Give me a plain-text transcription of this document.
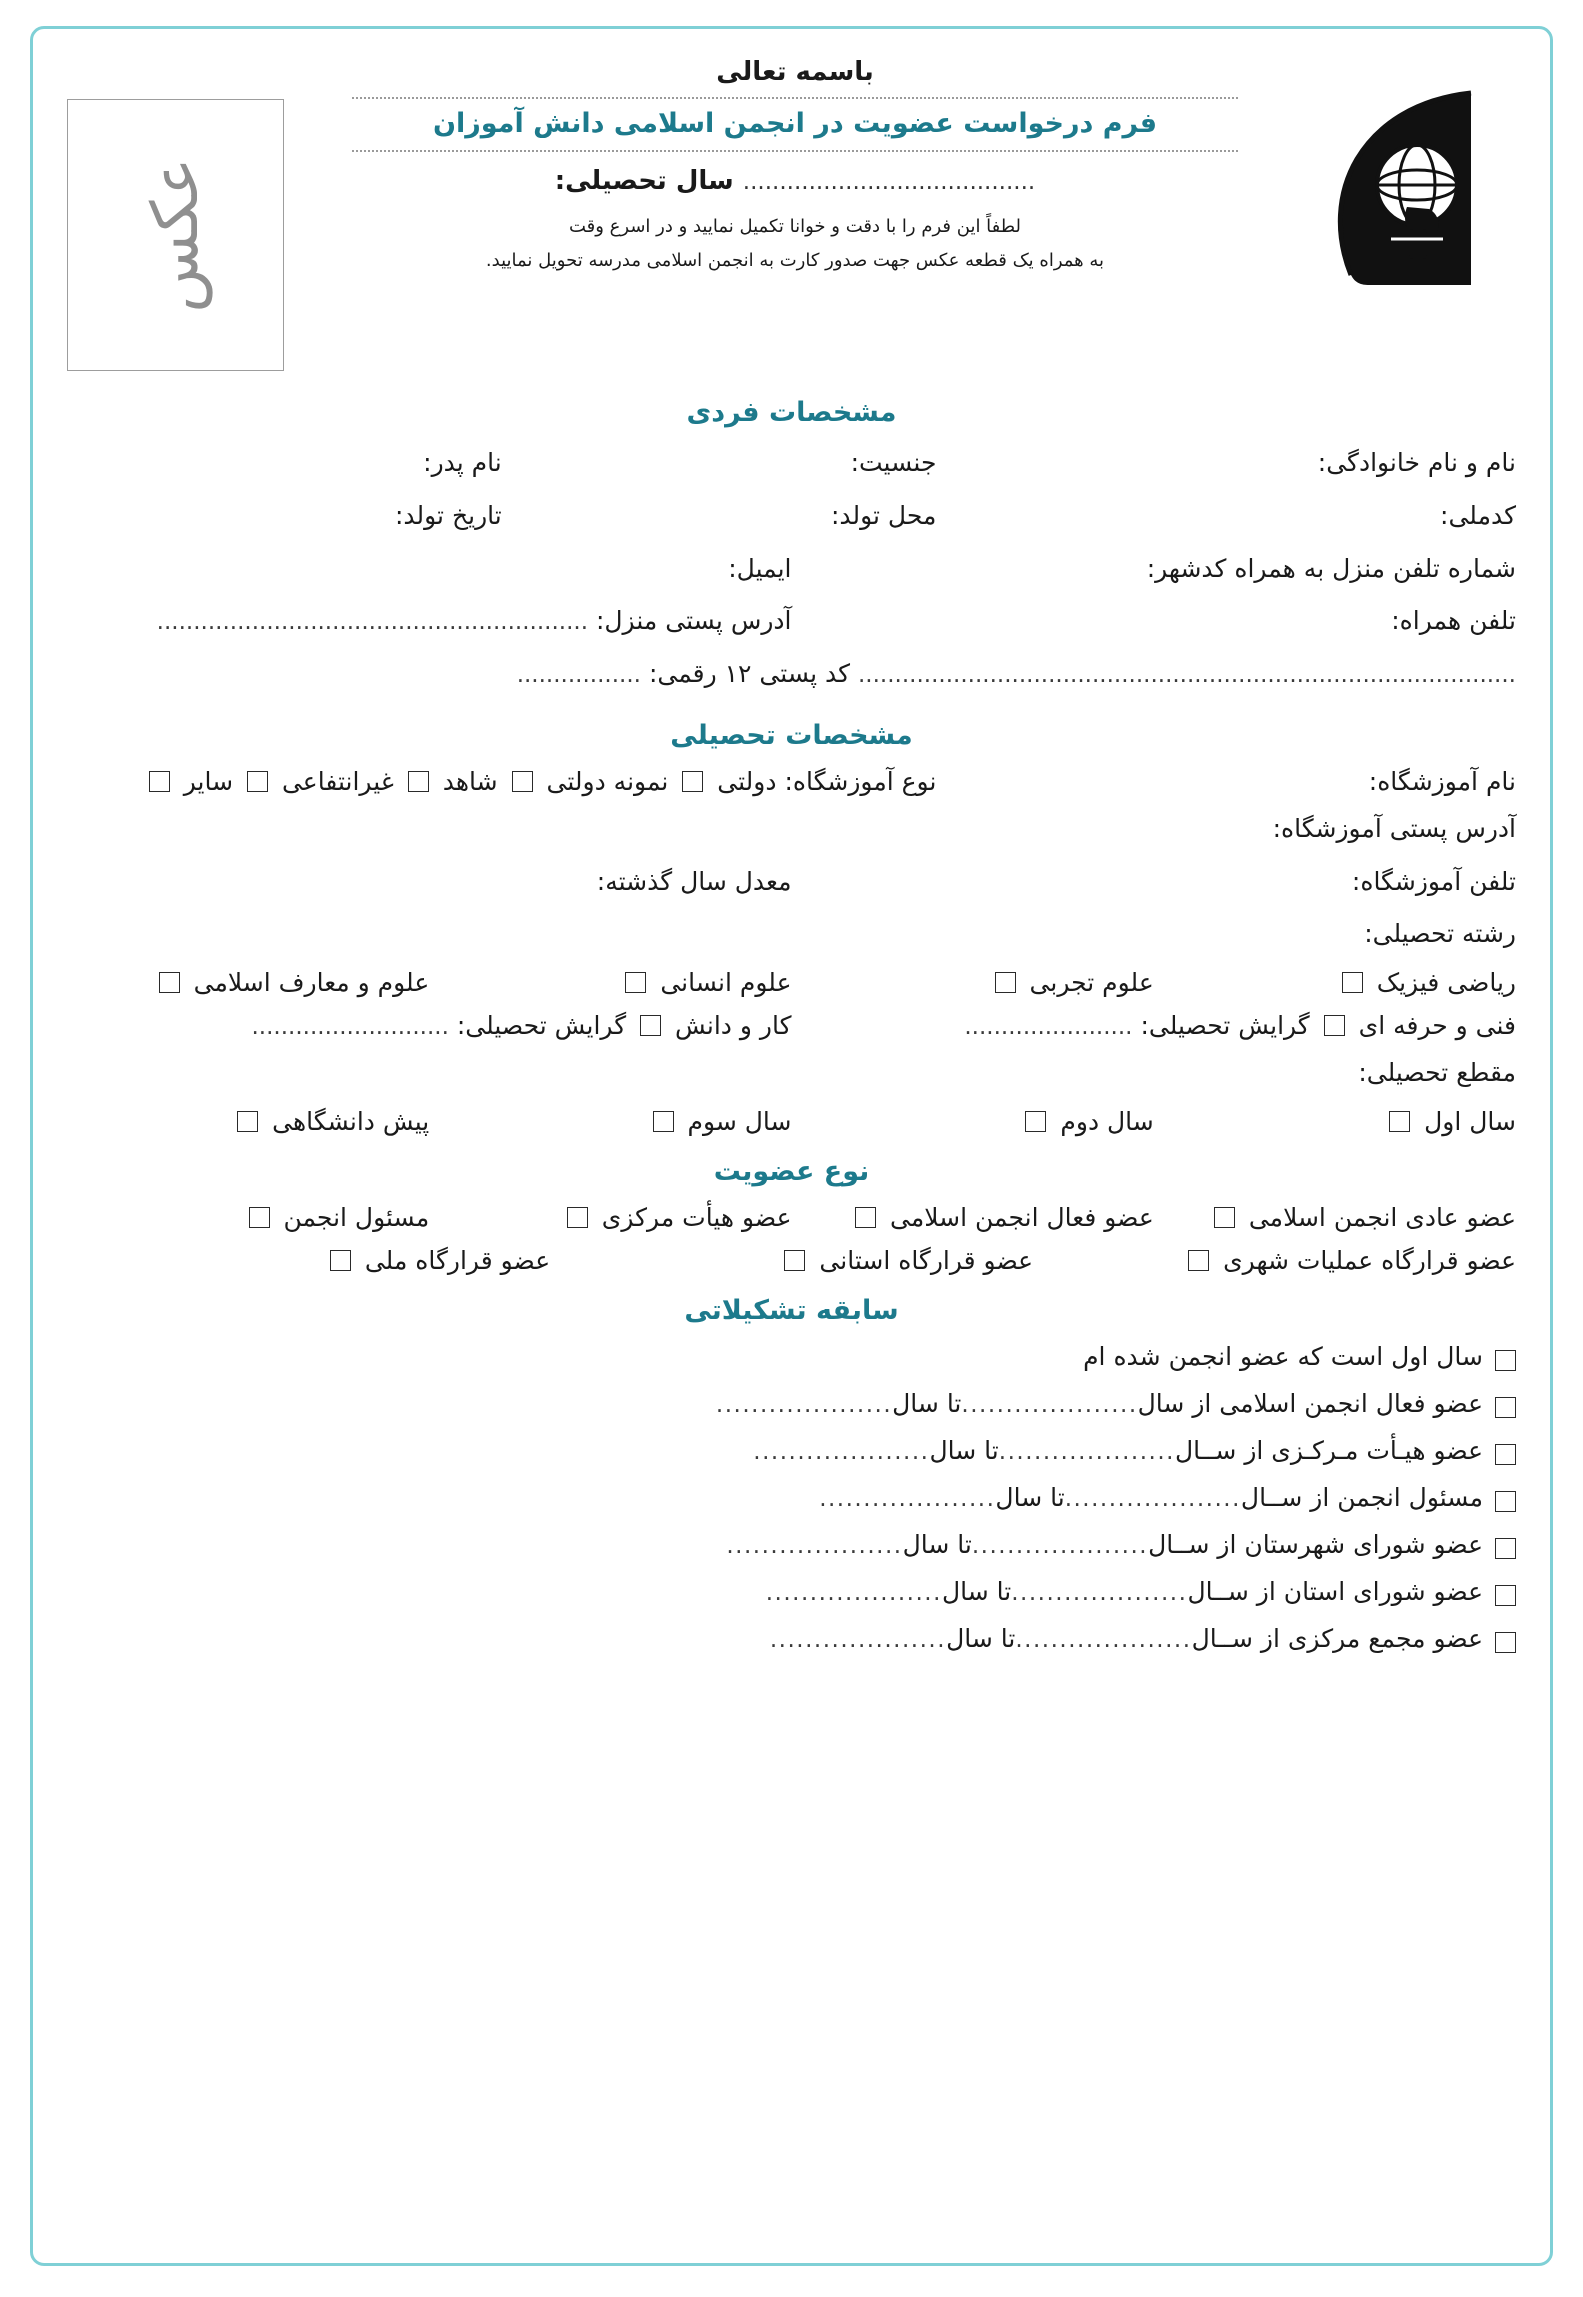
باسمه تعالی
فرم درخواست عضویت در انجمن اسلامی دانش آموزان
........................................ سال تحصیلی:
لطفاً این فرم را با دقت و خوانا تکمیل نمایید و در اسرع وقت
به همراه یک قطعه عکس جهت صدور کارت به انجمن اسلامی مدرسه تحویل نمایید.
عکس
مشخصات فردی
نام و نام خانوادگی:
جنسیت:
نام پدر:
کدملی:
محل تولد:
تاریخ تولد:
شماره تلفن منزل به همراه کدشهر:
ایمیل:
تلفن همراه:
آدرس پستی منزل: ...........................................................
.......................................................................................... کد پستی ۱۲ رقمی: .................
مشخصات تحصیلی
نام آموزشگاه:
نوع آموزشگاه: دولتی  نمونه دولتی  شاهد  غیرانتفاعی  سایر
آدرس پستی آموزشگاه:
تلفن آموزشگاه:
معدل سال گذشته:
رشته تحصیلی:
ریاضی فیزیک
علوم تجربی
علوم انسانی
علوم و معارف اسلامی
فنی و حرفه ای  گرایش تحصیلی: .......................
کار و دانش  گرایش تحصیلی: ...........................
مقطع تحصیلی:
سال اول
سال دوم
سال سوم
پیش دانشگاهی
نوع عضویت
عضو عادی انجمن اسلامی
عضو فعال انجمن اسلامی
عضو هیأت مرکزی
مسئول انجمن
عضو قرارگاه عملیات شهری
عضو قرارگاه استانی
عضو قرارگاه ملی
سابقه تشکیلاتی
سال اول است که عضو انجمن شده ام
عضو فعال انجمن اسلامی از سال
....................
تا سال
....................
عضو هیـأت مـرکـزی از ســال
....................
تا سال
....................
مسئول انجمن از ســال
....................
تا سال
....................
عضو شورای شهرستان از ســال
....................
تا سال
....................
عضو شورای استان از ســال
....................
تا سال
....................
عضو مجمع مرکزی از ســال
....................
تا سال
....................
